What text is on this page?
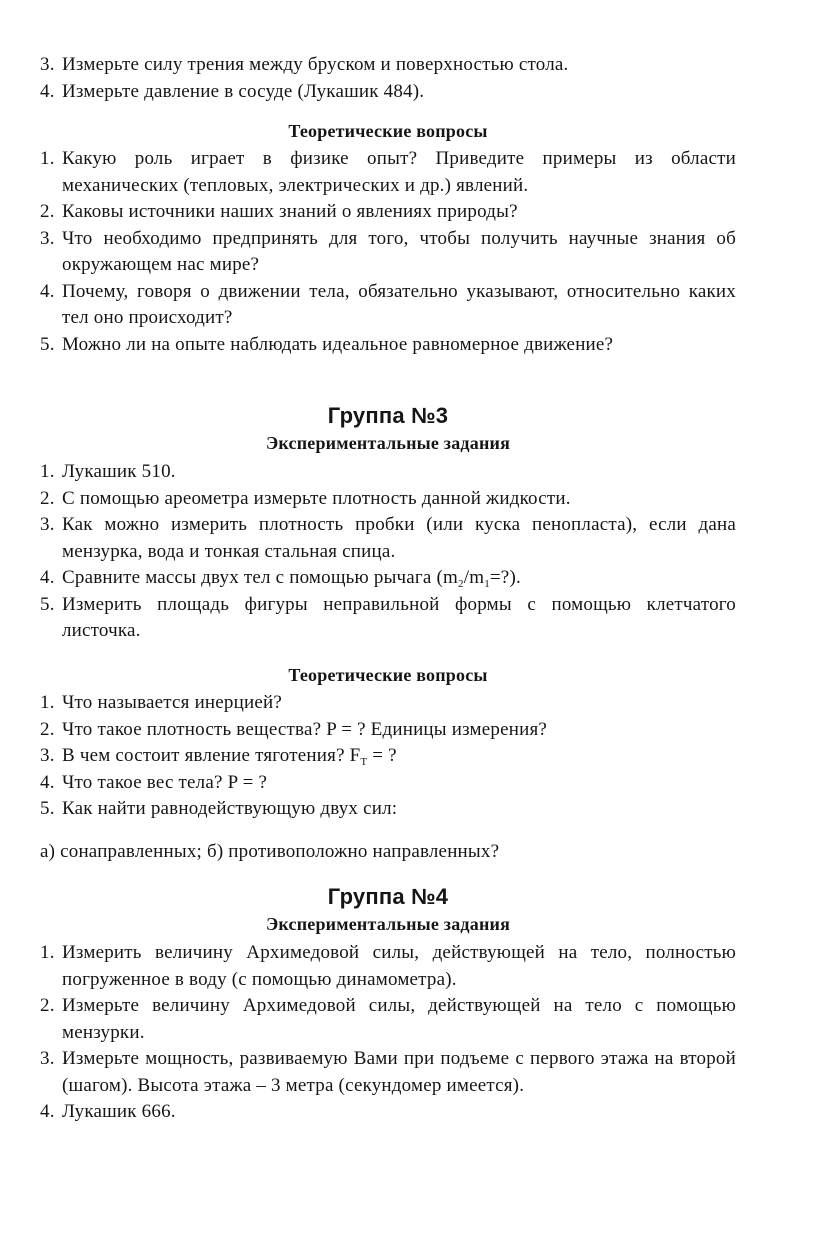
3. Измерьте силу трения между бруском и поверхностью стола.

4. Измерьте давление в сосуде (Лукашик 484).

Теоретические вопросы

1. Какую роль играет в физике опыт? Приведите примеры из области механических (тепловых, электрических и др.) явлений.

2. Каковы источники наших знаний о явлениях природы?

3. Что необходимо предпринять для того, чтобы получить научные знания об окружающем нас мире?

4. Почему, говоря о движении тела, обязательно указывают, относительно каких тел оно происходит?

5. Можно ли на опыте наблюдать идеальное равномерное движение?

Группа №3

Экспериментальные задания

1. Лукашик 510.

2. С помощью ареометра измерьте плотность данной жидкости.

3. Как можно измерить плотность пробки (или куска пенопласта), если дана мензурка, вода и тонкая стальная спица.

4. Сравните массы двух тел с помощью рычага $(m_2/m_1=?)$.

5. Измерить площадь фигуры неправильной формы с помощью клетчатого листочка.

Теоретические вопросы

1. Что называется инерцией?

2. Что такое плотность вещества? P = ? Единицы измерения?

3. В чем состоит явление тяготения? $F_T$ = ?

4. Что такое вес тела? P = ?

5. Как найти равнодействующую двух сил:

а) сонаправленных; б) противоположно направленных?

Группа №4

Экспериментальные задания

1. Измерить величину Архимедовой силы, действующей на тело, полностью погруженное в воду (с помощью динамометра).

2. Измерьте величину Архимедовой силы, действующей на тело с помощью мензурки.

3. Измерьте мощность, развиваемую Вами при подъеме с первого этажа на второй (шагом). Высота этажа – 3 метра (секундомер имеется).

4. Лукашик 666.
